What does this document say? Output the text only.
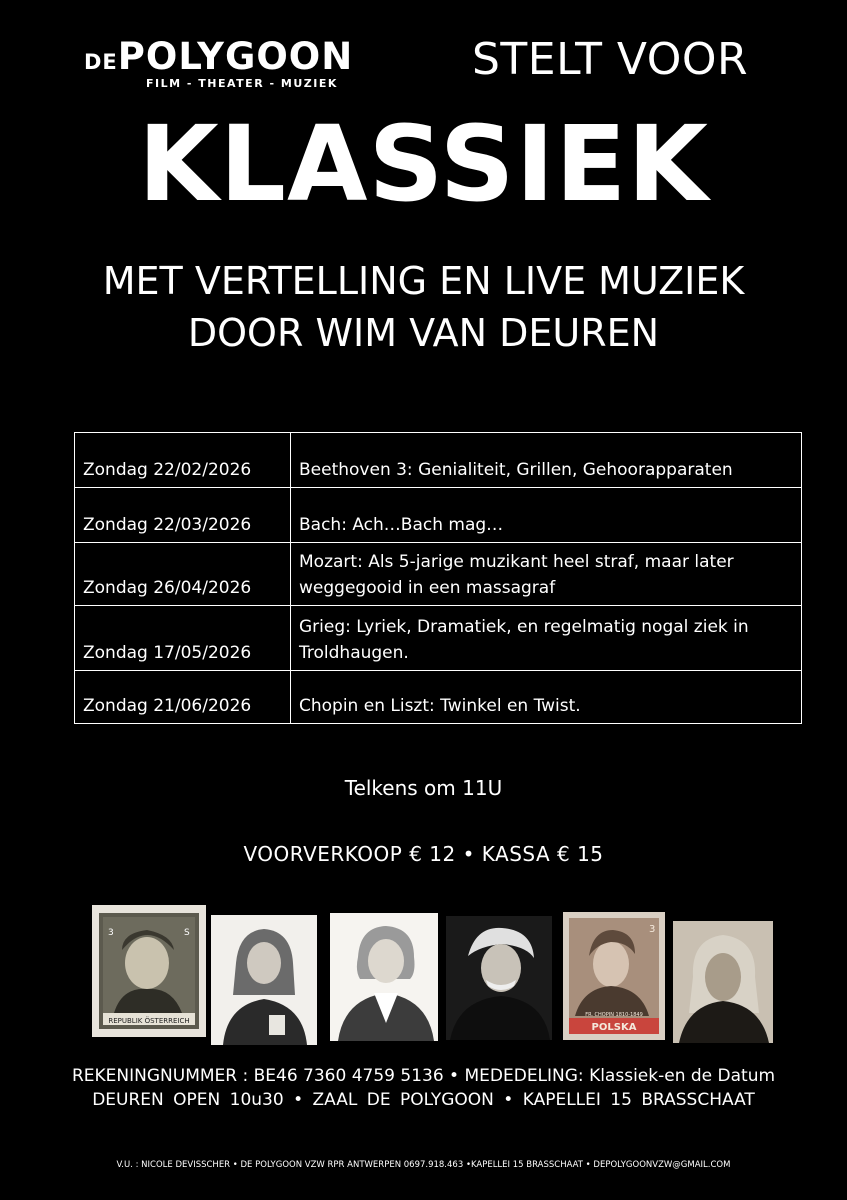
DEPOLYGOON
FILM - THEATER - MUZIEK	STELT VOOR
KLASSIEK
MET VERTELLING EN LIVE MUZIEK
DOOR WIM VAN DEUREN
Zondag 22/02/2026	Beethoven 3: Genialiteit, Grillen, Gehoorapparaten
Zondag 22/03/2026	Bach: Ach…Bach mag…
Zondag 26/04/2026	Mozart: Als 5-jarige muzikant heel straf, maar later weggegooid in een massagraf
Zondag 17/05/2026	Grieg: Lyriek, Dramatiek, en regelmatig nogal ziek in Troldhaugen.
Zondag 21/06/2026	Chopin en Liszt: Twinkel en Twist.
Telkens om 11U
VOORVERKOOP € 12 • KASSA € 15
REPUBLIK ÖSTERREICH
3	S
POLSKA
FR. CHOPIN 1810-1849
3
REKENINGNUMMER : BE46 7360 4759 5136 • MEDEDELING: Klassiek-en de Datum
DEUREN OPEN 10u30 • ZAAL DE POLYGOON • KAPELLEI 15 BRASSCHAAT
V.U. : NICOLE DEVISSCHER • DE POLYGOON VZW RPR ANTWERPEN 0697.918.463 •KAPELLEI 15 BRASSCHAAT • DEPOLYGOONVZW@GMAIL.COM
